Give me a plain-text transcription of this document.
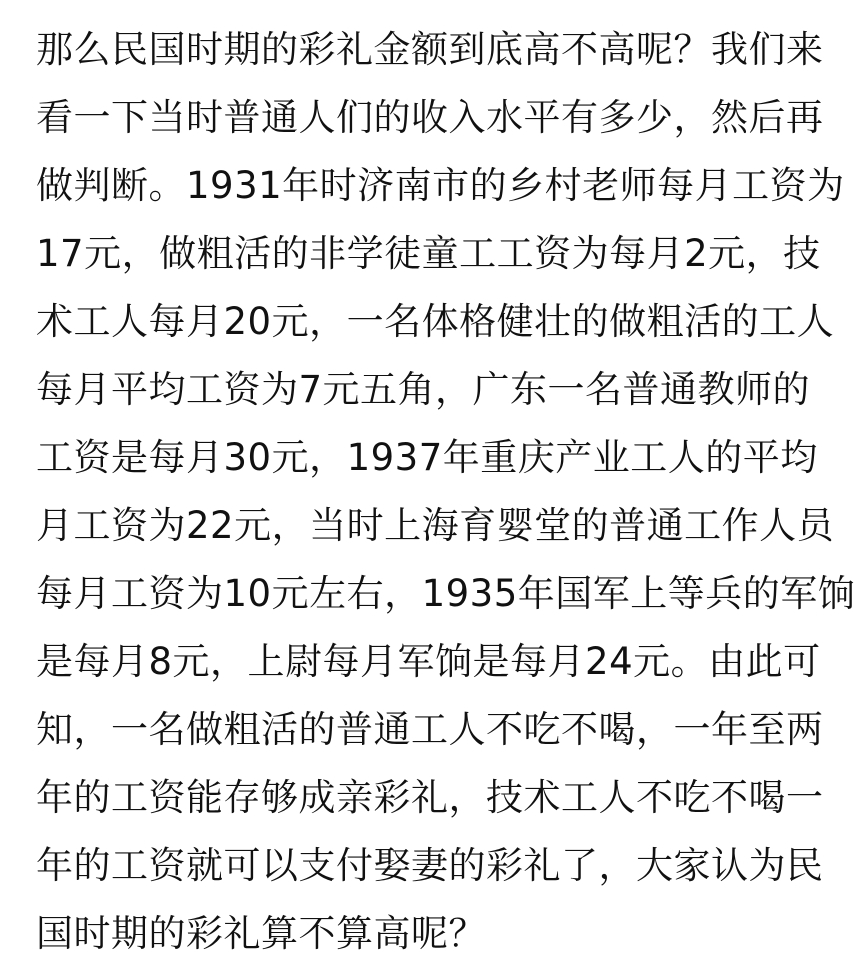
那么民国时期的彩礼金额到底高不高呢？我们来
看一下当时普通人们的收入水平有多少，然后再
做判断。1931年时济南市的乡村老师每月工资为
17元，做粗活的非学徒童工工资为每月2元，技
术工人每月20元，一名体格健壮的做粗活的工人
每月平均工资为7元五角，广东一名普通教师的
工资是每月30元，1937年重庆产业工人的平均
月工资为22元，当时上海育婴堂的普通工作人员
每月工资为10元左右，1935年国军上等兵的军饷
是每月8元，上尉每月军饷是每月24元。由此可
知，一名做粗活的普通工人不吃不喝，一年至两
年的工资能存够成亲彩礼，技术工人不吃不喝一
年的工资就可以支付娶妻的彩礼了，大家认为民
国时期的彩礼算不算高呢？
